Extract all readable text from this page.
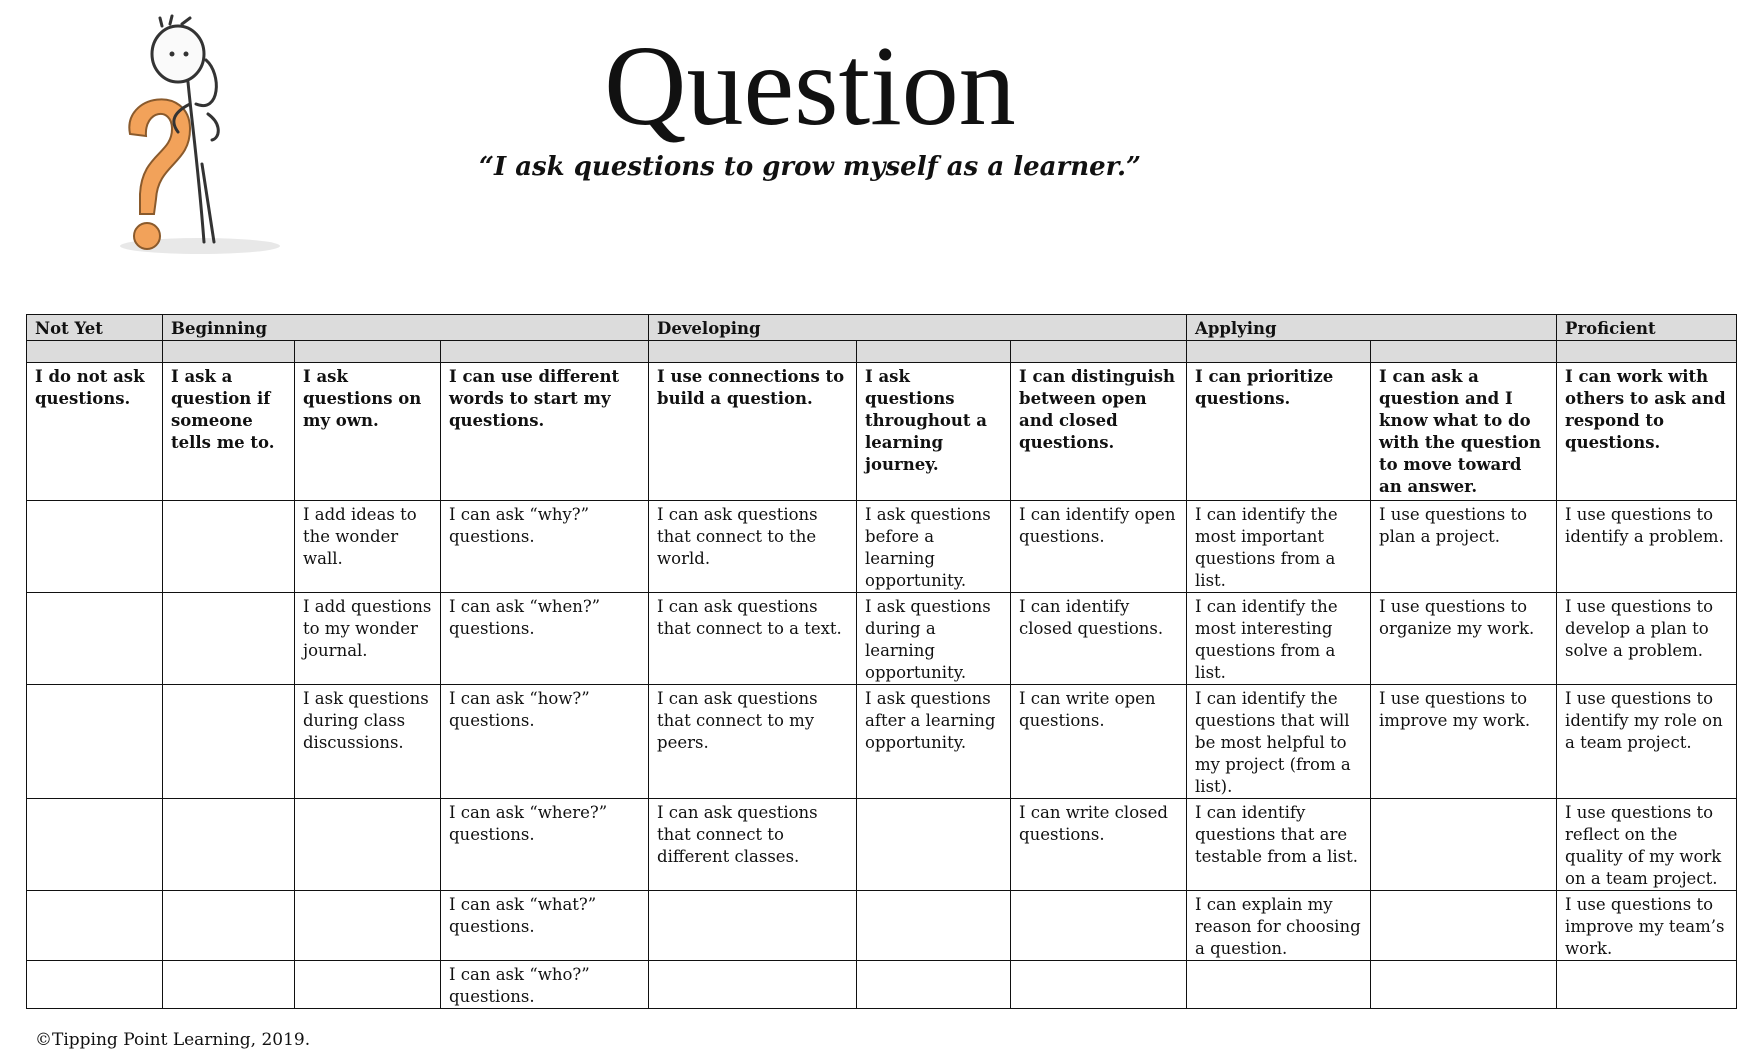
Question
“I ask questions to grow myself as a learner.”
Not Yet	Beginning			Developing			Applying		Proficient

I do not ask questions.	I ask a question if someone tells me to.	I ask questions on my own.	I can use different words to start my questions.	I use connections to build a question.	I ask questions throughout a learning journey.	I can distinguish between open and closed questions.	I can prioritize questions.	I can ask a question and I know what to do with the question to move toward an answer.	I can work with others to ask and respond to questions.
		I add ideas to the wonder wall.	I can ask “why?” questions.	I can ask questions that connect to the world.	I ask questions before a learning opportunity.	I can identify open questions.	I can identify the most important questions from a list.	I use questions to plan a project.	I use questions to identify a problem.
		I add questions to my wonder journal.	I can ask “when?” questions.	I can ask questions that connect to a text.	I ask questions during a learning opportunity.	I can identify closed questions.	I can identify the most interesting questions from a list.	I use questions to organize my work.	I use questions to develop a plan to solve a problem.
		I ask questions during class discussions.	I can ask “how?” questions.	I can ask questions that connect to my peers.	I ask questions after a learning opportunity.	I can write open questions.	I can identify the questions that will be most helpful to my project (from a list).	I use questions to improve my work.	I use questions to identify my role on a team project.
			I can ask “where?” questions.	I can ask questions that connect to different classes.		I can write closed questions.	I can identify questions that are testable from a list.		I use questions to reflect on the quality of my work on a team project.
			I can ask “what?” questions.				I can explain my reason for choosing a question.		I use questions to improve my team’s work.
			I can ask “who?” questions.						
©Tipping Point Learning, 2019.
